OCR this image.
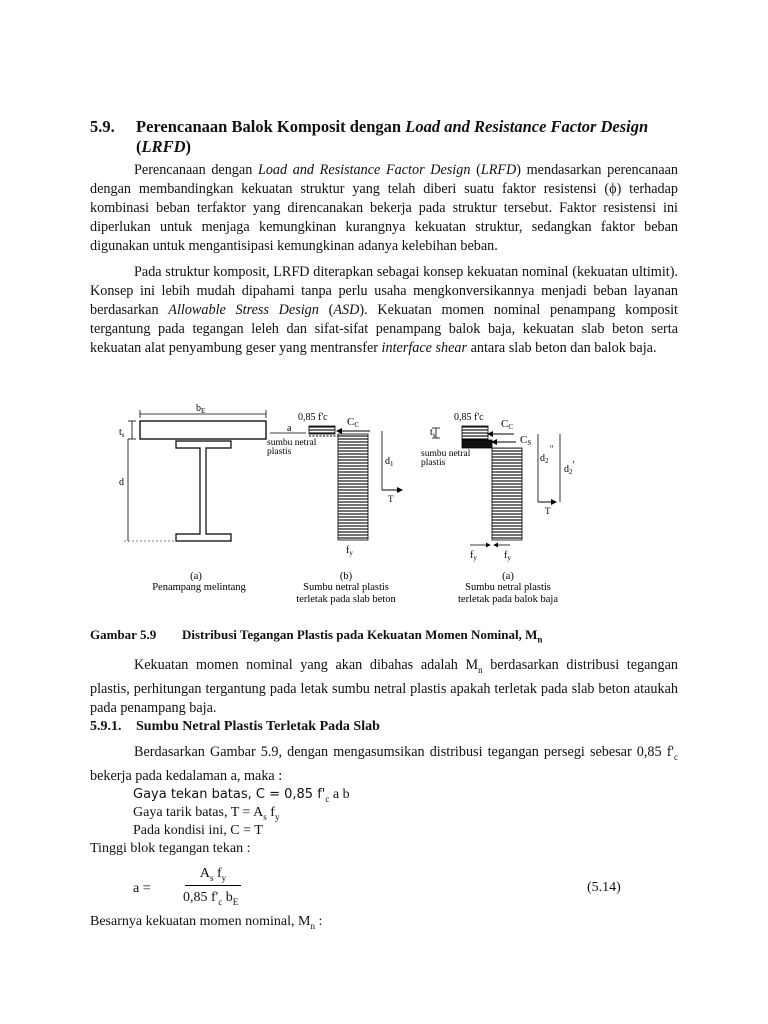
5.9. Perencanaan Balok Komposit dengan Load and Resistance Factor Design
(LRFD)
Perencanaan dengan Load and Resistance Factor Design (LRFD) mendasarkan perencanaan dengan membandingkan kekuatan struktur yang telah diberi suatu faktor resistensi (ϕ) terhadap kombinasi beban terfaktor yang direncanakan bekerja pada struktur tersebut. Faktor resistensi ini diperlukan untuk menjaga kemungkinan kurangnya kekuatan struktur, sedangkan faktor beban digunakan untuk mengantisipasi kemungkinan adanya kelebihan beban.
Pada struktur komposit, LRFD diterapkan sebagai konsep kekuatan nominal (kekuatan ultimit). Konsep ini lebih mudah dipahami tanpa perlu usaha mengkonversikannya menjadi beban layanan berdasarkan Allowable Stress Design (ASD). Kekuatan momen nominal penampang komposit tergantung pada tegangan leleh dan sifat-sifat penampang balok baja, kekuatan slab beton serta kekuatan alat penyambung geser yang mentransfer interface shear antara slab beton dan balok baja.
$b_E$
$t_s$
d
0,85 f'c CC
a
sumbu netral
plastis
$d_1$
T
$f_y$
0,85 f'c
CC
CS
$t_s$
sumbu netral
plastis	$d_2$
''
$d_2'$
T
$f_y$	$f_y$
(a)
Penampang melintang
(b)
Sumbu netral plastis
terletak pada slab beton
(a)
Sumbu netral plastis
terletak pada balok baja
Gambar 5.9 Distribusi Tegangan Plastis pada Kekuatan Momen Nominal, $M_n$
Kekuatan momen nominal yang akan dibahas adalah $M_n$ berdasarkan distribusi tegangan plastis, perhitungan tergantung pada letak sumbu netral plastis apakah terletak pada slab beton ataukah pada penampang baja.
5.9.1. Sumbu Netral Plastis Terletak Pada Slab
Berdasarkan Gambar 5.9, dengan mengasumsikan distribusi tegangan persegi sebesar 0,85 $f'_c$ bekerja pada kedalaman a, maka :
Gaya tekan batas, C = 0,85 $f'_c$ a b
Gaya tarik batas, $T = A_s$ $f_y$
Pada kondisi ini, C = T
Tinggi blok tegangan tekan :
a =
$A_s$ $f_y$
0,85 $f'_c$ $b_E$
(5.14)
Besarnya kekuatan momen nominal, $M_n$ :
